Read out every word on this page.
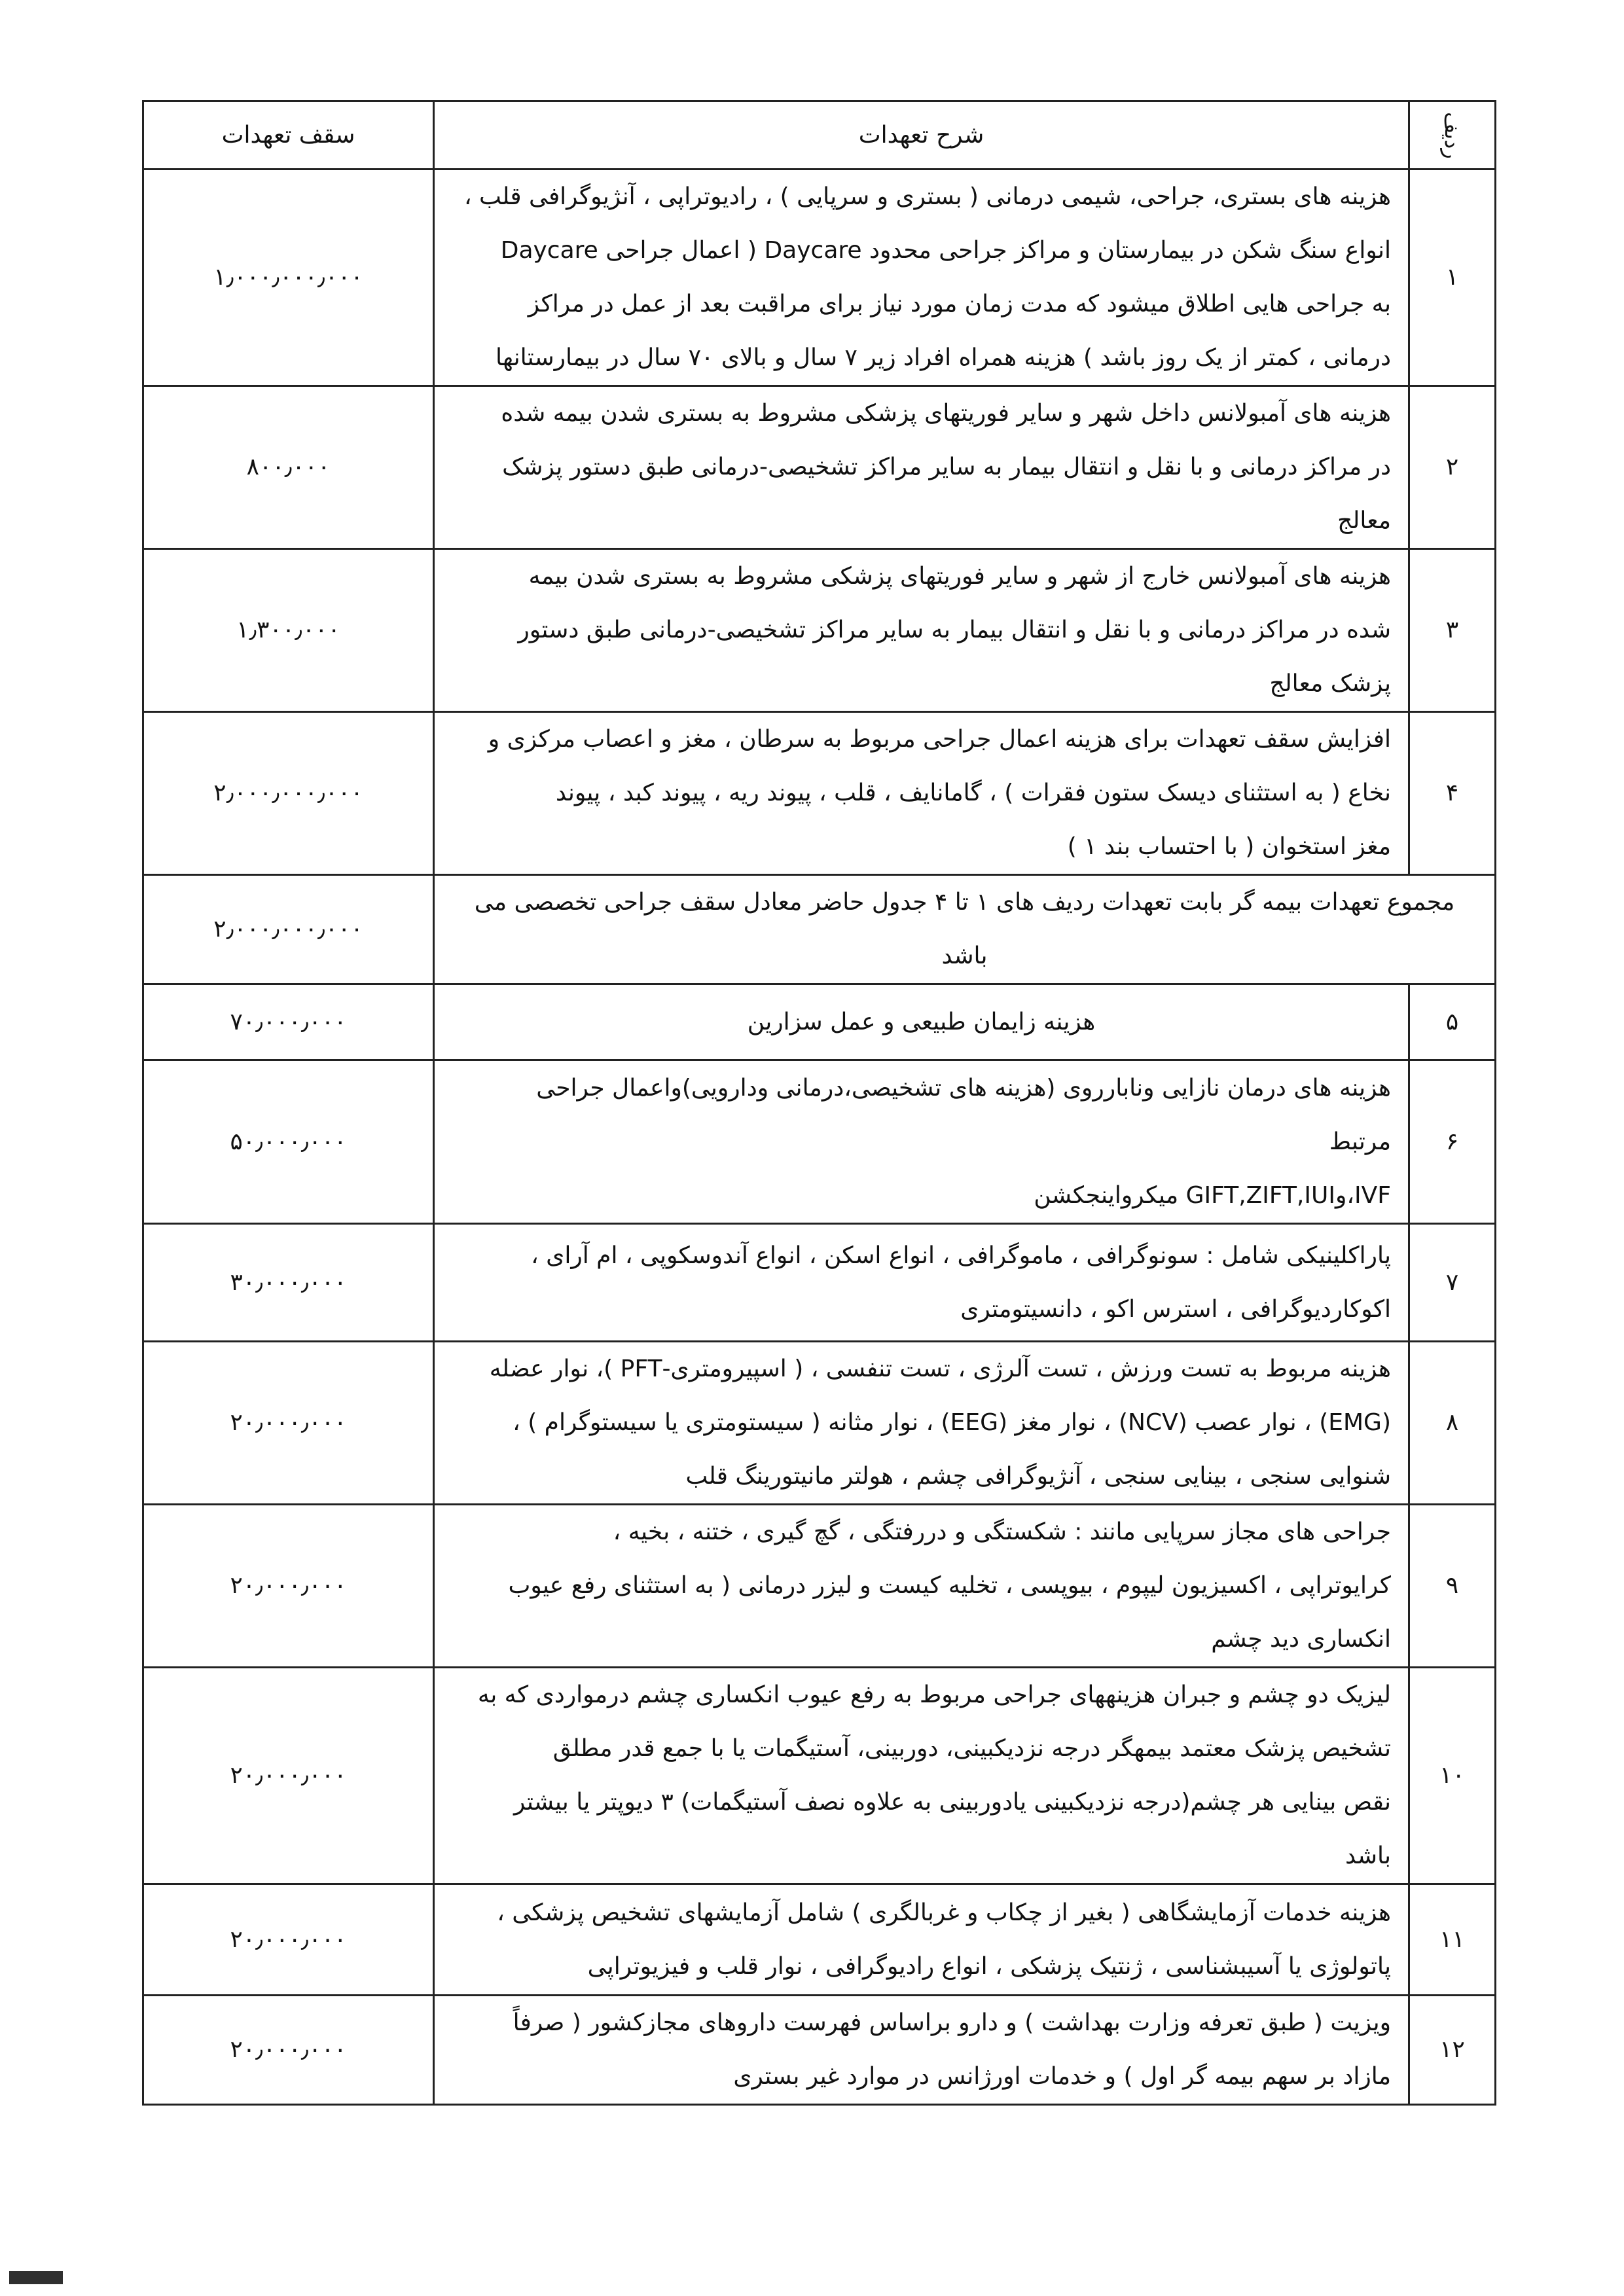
ردیف	شرح تعهدات	سقف تعهدات
۱	هزینه های بستری، جراحی، شیمی درمانی ( بستری و سرپایی ) ، رادیوتراپی ، آنژیوگرافی قلب ،
انواع سنگ شکن در بیمارستان و مراکز جراحی محدود Daycare ( اعمال جراحی Daycare
به جراحی هایی اطلاق میشود که مدت زمان مورد نیاز برای مراقبت بعد از عمل در مراکز
درمانی ، کمتر از یک روز باشد ) هزینه همراه افراد زیر ۷ سال و بالای ۷۰ سال در بیمارستانها	۱٫۰۰۰٫۰۰۰٫۰۰۰
۲	هزینه های آمبولانس داخل شهر و سایر فوریتهای پزشکی مشروط به بستری شدن بیمه شده
در مراکز درمانی و با نقل و انتقال بیمار به سایر مراکز تشخیصی-درمانی طبق دستور پزشک
معالج	۸۰۰٫۰۰۰
۳	هزینه های آمبولانس خارج از شهر و سایر فوریتهای پزشکی مشروط به بستری شدن بیمه
شده در مراکز درمانی و با نقل و انتقال بیمار به سایر مراکز تشخیصی-درمانی طبق دستور
پزشک معالج	۱٫۳۰۰٫۰۰۰
۴	افزایش سقف تعهدات برای هزینه اعمال جراحی مربوط به سرطان ، مغز و اعصاب مرکزی و
نخاع ( به استثنای دیسک ستون فقرات ) ، گامانایف ، قلب ، پیوند ریه ، پیوند کبد ، پیوند
مغز استخوان ( با احتساب بند ۱ )	۲٫۰۰۰٫۰۰۰٫۰۰۰
مجموع تعهدات بیمه گر بابت تعهدات ردیف های ۱ تا ۴ جدول حاضر معادل سقف جراحی تخصصی می
باشد		۲٫۰۰۰٫۰۰۰٫۰۰۰
۵	هزینه زایمان طبیعی و عمل سزارین	۷۰٫۰۰۰٫۰۰۰
۶	هزینه های درمان نازایی ونابارروی (هزینه های تشخیصی،درمانی ودارویی)واعمال جراحی
مرتبط
IVF،وGIFT,ZIFT,IUI میکرواینجکشن	۵۰٫۰۰۰٫۰۰۰
۷	پاراکلینیکی شامل : سونوگرافی ، ماموگرافی ، انواع اسکن ، انواع آندوسکوپی ، ام آرای ،
اکوکاردیوگرافی ، استرس اکو ، دانسیتومتری	۳۰٫۰۰۰٫۰۰۰
۸	هزینه مربوط به تست ورزش ، تست آلرژی ، تست تنفسی ، ( اسپیرومتری-PFT )، نوار عضله
(EMG) ، نوار عصب (NCV) ، نوار مغز (EEG) ، نوار مثانه ( سیستومتری یا سیستوگرام ) ،
شنوایی سنجی ، بینایی سنجی ، آنژیوگرافی چشم ، هولتر مانیتورینگ قلب	۲۰٫۰۰۰٫۰۰۰
۹	جراحی های مجاز سرپایی مانند : شکستگی و دررفتگی ، گچ گیری ، ختنه ، بخیه ،
کرایوتراپی ، اکسیزیون لیپوم ، بیوپسی ، تخلیه کیست و لیزر درمانی ( به استثنای رفع عیوب
انکساری دید چشم	۲۰٫۰۰۰٫۰۰۰
۱۰	لیزیک دو چشم و جبران هزینههای جراحی مربوط به رفع عیوب انکساری چشم درمواردی که به
تشخیص پزشک معتمد بیمهگر درجه نزدیکبینی، دوربینی، آستیگمات یا با جمع قدر مطلق
نقص بینایی هر چشم(درجه نزدیکبینی یادوربینی به علاوه نصف آستیگمات) ۳ دیوپتر یا بیشتر
باشد	۲۰٫۰۰۰٫۰۰۰
۱۱	هزینه خدمات آزمایشگاهی ( بغیر از چکاب و غربالگری ) شامل آزمایشهای تشخیص پزشکی ،
پاتولوژی یا آسیبشناسی ، ژنتیک پزشکی ، انواع رادیوگرافی ، نوار قلب و فیزیوتراپی	۲۰٫۰۰۰٫۰۰۰
۱۲	ویزیت ( طبق تعرفه وزارت بهداشت ) و دارو براساس فهرست داروهای مجازکشور ( صرفاً
مازاد بر سهم بیمه گر اول ) و خدمات اورژانس در موارد غیر بستری	۲۰٫۰۰۰٫۰۰۰
